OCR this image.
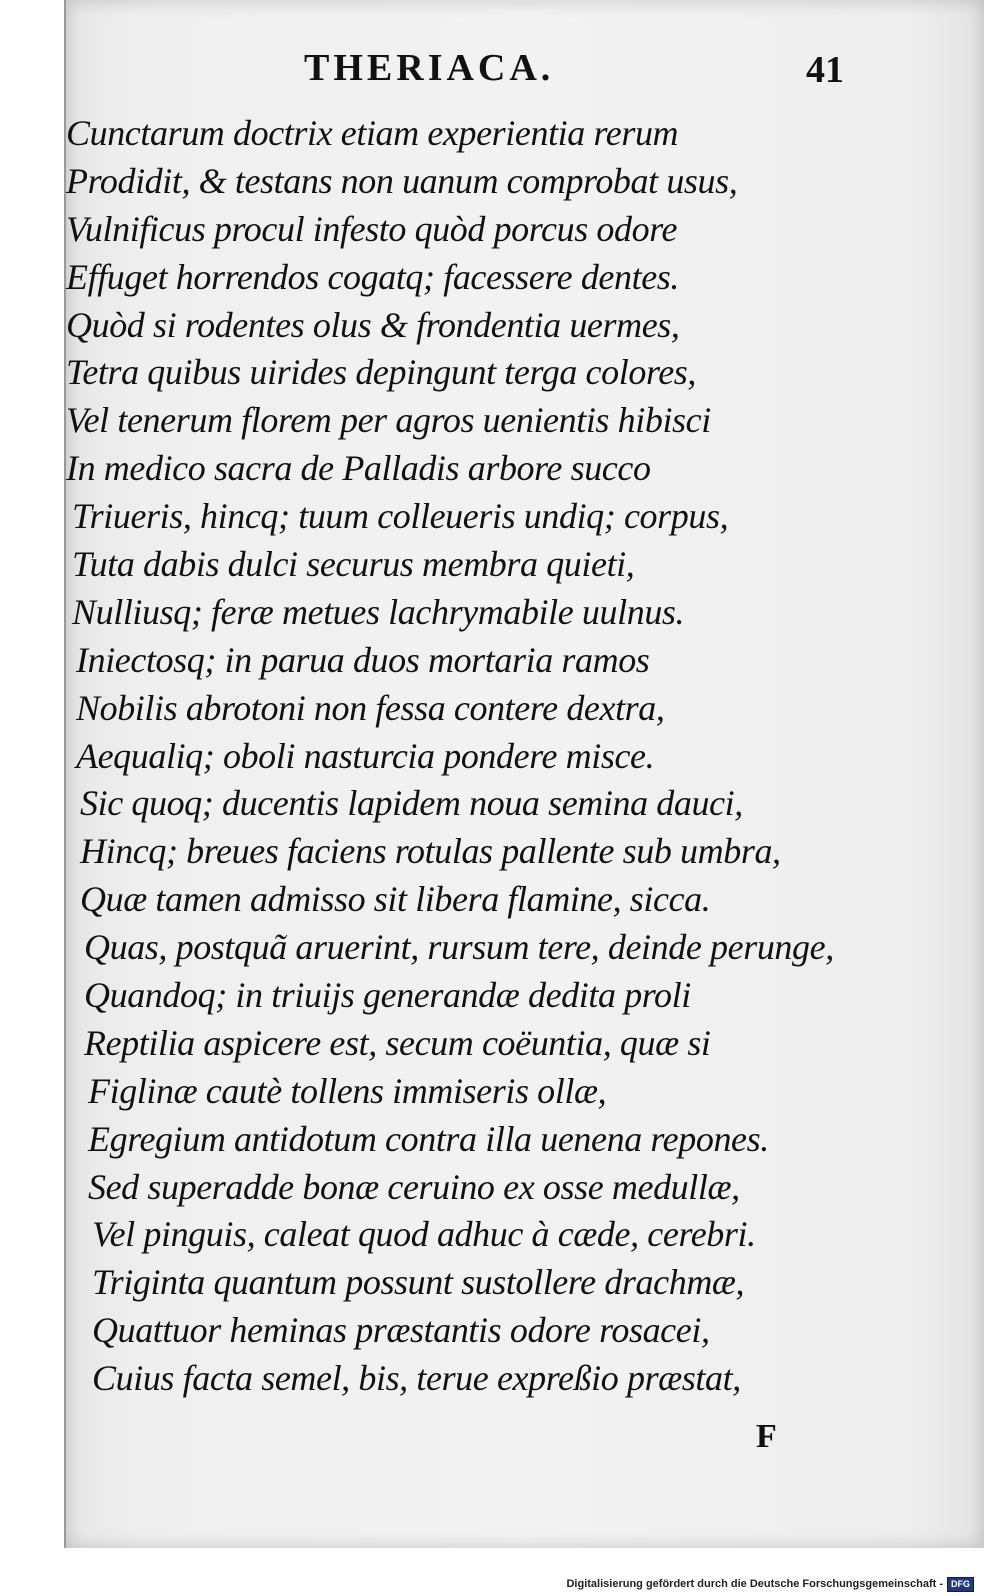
THERIACA.	41
Cunctarum doctrix etiam experientia rerum
Prodidit, & testans non uanum comprobat usus,
Vulnificus procul infesto quòd porcus odore
Effuget horrendos cogatq; facessere dentes.
Quòd si rodentes olus & frondentia uermes,
Tetra quibus uirides depingunt terga colores,
Vel tenerum florem per agros uenientis hibisci
In medico sacra de Palladis arbore succo
Triueris, hincq; tuum colleueris undiq; corpus,
Tuta dabis dulci securus membra quieti,
Nulliusq; feræ metues lachrymabile uulnus.
Iniectosq; in parua duos mortaria ramos
Nobilis abrotoni non fessa contere dextra,
Aequaliq; oboli nasturcia pondere misce.
Sic quoq; ducentis lapidem noua semina dauci,
Hincq; breues faciens rotulas pallente sub umbra,
Quæ tamen admisso sit libera flamine, sicca.
Quas, postquã aruerint, rursum tere, deinde perunge,
Quandoq; in triuijs generandæ dedita proli
Reptilia aspicere est, secum coëuntia, quæ si
Figlinæ cautè tollens immiseris ollæ,
Egregium antidotum contra illa uenena repones.
Sed superadde bonæ ceruino ex osse medullæ,
Vel pinguis, caleat quod adhuc à cæde, cerebri.
Triginta quantum possunt sustollere drachmæ,
Quattuor heminas præstantis odore rosacei,
Cuius facta semel, bis, terue expreßio præstat,
F
Digitalisierung gefördert durch die Deutsche Forschungsgemeinschaft - DFG
